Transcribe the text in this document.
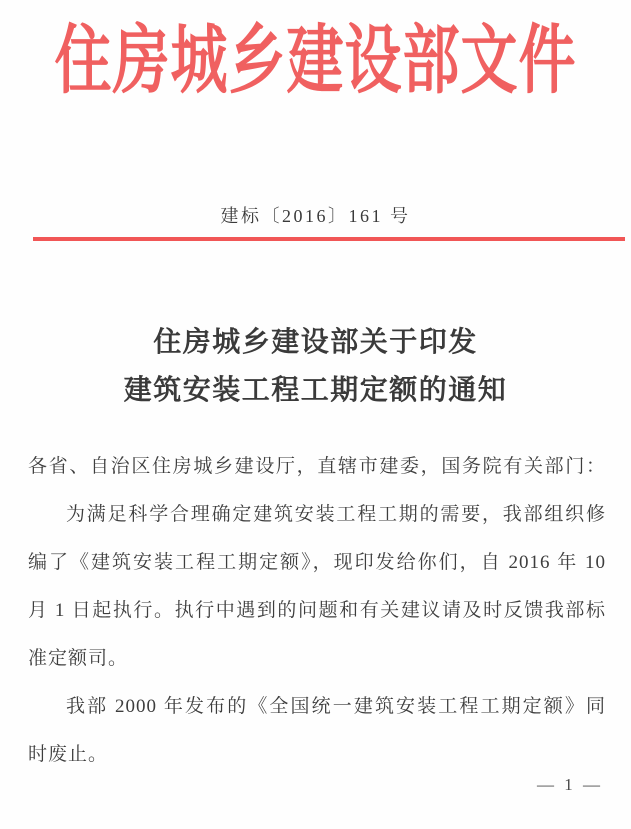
住房城乡建设部文件
建标〔2016〕161 号
住房城乡建设部关于印发
建筑安装工程工期定额的通知
各省、自治区住房城乡建设厅，直辖市建委，国务院有关部门：
为满足科学合理确定建筑安装工程工期的需要，我部组织修
编了《建筑安装工程工期定额》，现印发给你们，自 2016 年 10
月 1 日起执行。执行中遇到的问题和有关建议请及时反馈我部标
准定额司。
我部 2000 年发布的《全国统一建筑安装工程工期定额》同
时废止。
— 1 —
